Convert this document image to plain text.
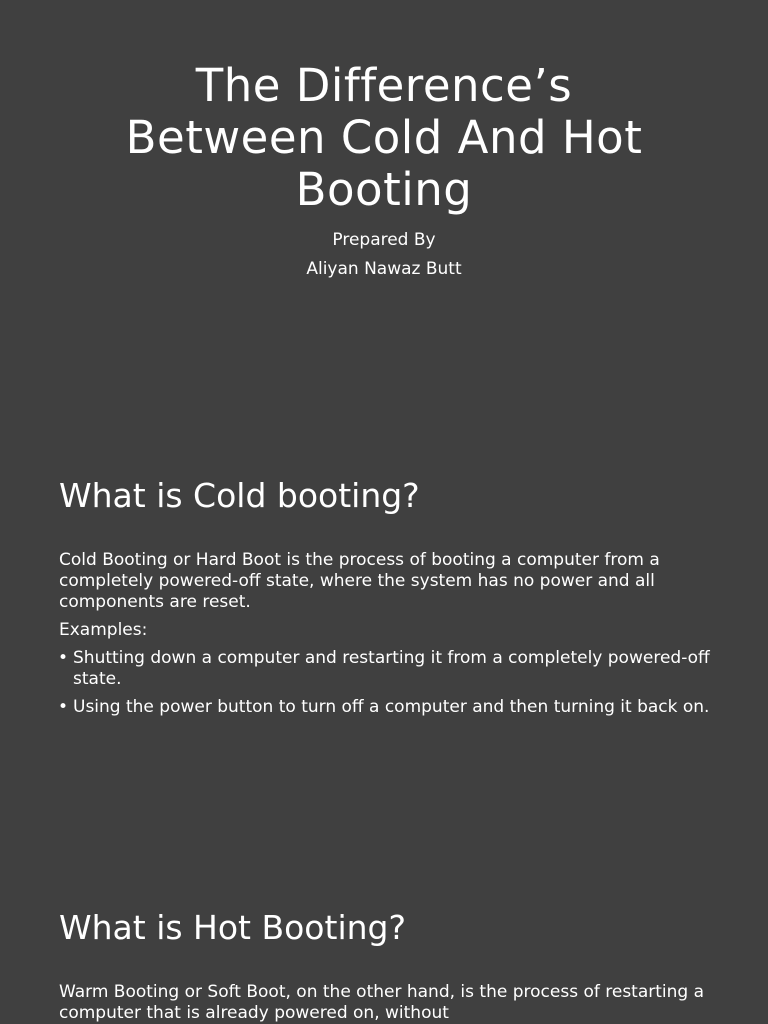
The Difference’s
Between Cold And Hot
Booting
Prepared By
Aliyan Nawaz Butt
What is Cold booting?

Cold Booting or Hard Boot is the process of booting a computer from a completely powered-off state, where the system has no power and all components are reset.

Examples:

• Shutting down a computer and restarting it from a completely powered-off state.
• Using the power button to turn off a computer and then turning it back on.
What is Hot Booting?

Warm Booting or Soft Boot, on the other hand, is the process of restarting a computer that is already powered on, without
